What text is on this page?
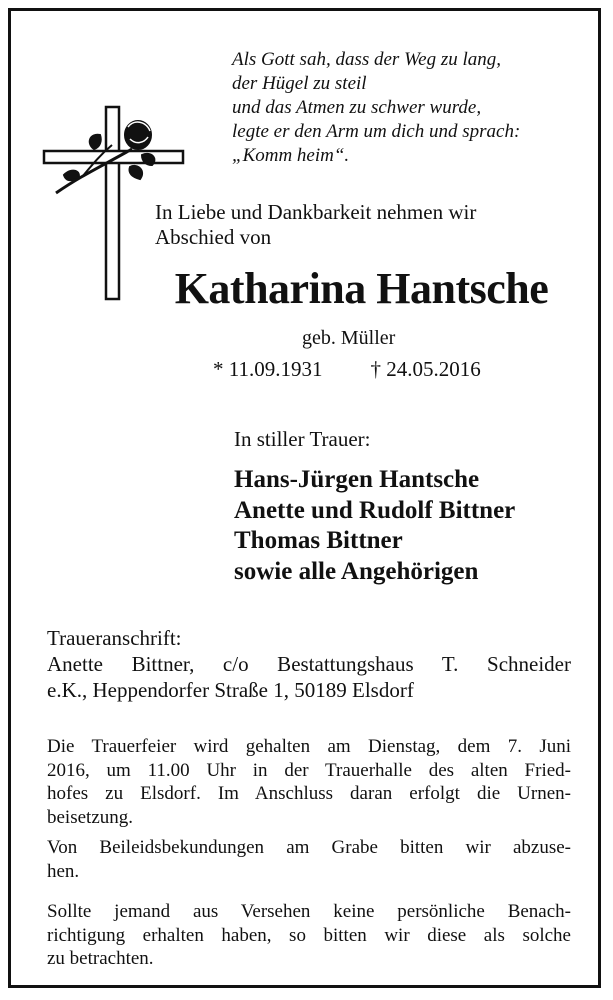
Als Gott sah, dass der Weg zu lang,
der Hügel zu steil
und das Atmen zu schwer wurde,
legte er den Arm um dich und sprach:
„Komm heim“.
In Liebe und Dankbarkeit nehmen wir
Abschied von
Katharina Hantsche
geb. Müller
* 11.09.1931 † 24.05.2016
In stiller Trauer:
Hans-Jürgen Hantsche
Anette und Rudolf Bittner
Thomas Bittner
sowie alle Angehörigen
Traueranschrift:
Anette Bittner, c/o Bestattungshaus T. Schneider
e.K., Heppendorfer Straße 1, 50189 Elsdorf
Die Trauerfeier wird gehalten am Dienstag, dem 7. Juni
2016, um 11.00 Uhr in der Trauerhalle des alten Fried-
hofes zu Elsdorf. Im Anschluss daran erfolgt die Urnen-
beisetzung.
Von Beileidsbekundungen am Grabe bitten wir abzuse-
hen.
Sollte jemand aus Versehen keine persönliche Benach-
richtigung erhalten haben, so bitten wir diese als solche
zu betrachten.
